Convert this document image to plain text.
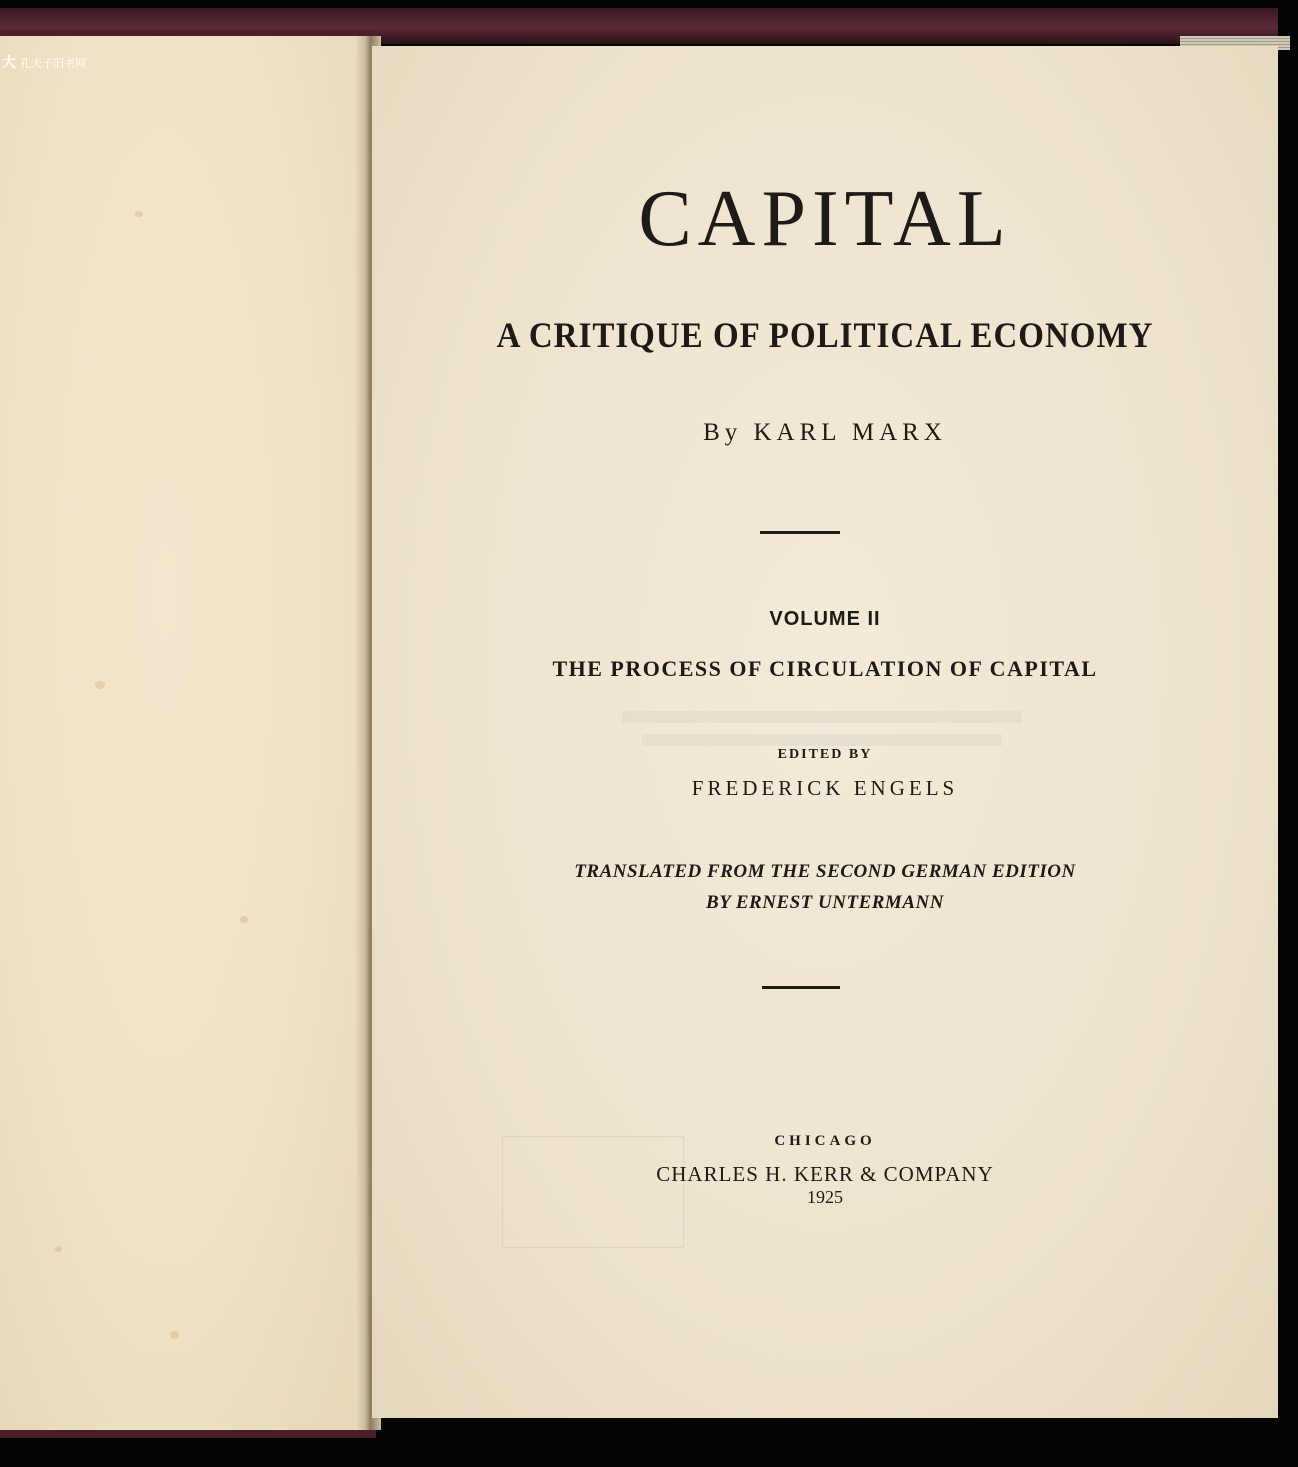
大 孔夫子旧书网
CAPITAL
A CRITIQUE OF POLITICAL ECONOMY
By KARL MARX
VOLUME II
THE PROCESS OF CIRCULATION OF CAPITAL
EDITED BY
FREDERICK ENGELS
TRANSLATED FROM THE SECOND GERMAN EDITION
BY ERNEST UNTERMANN
CHICAGO
CHARLES H. KERR & COMPANY
1925
